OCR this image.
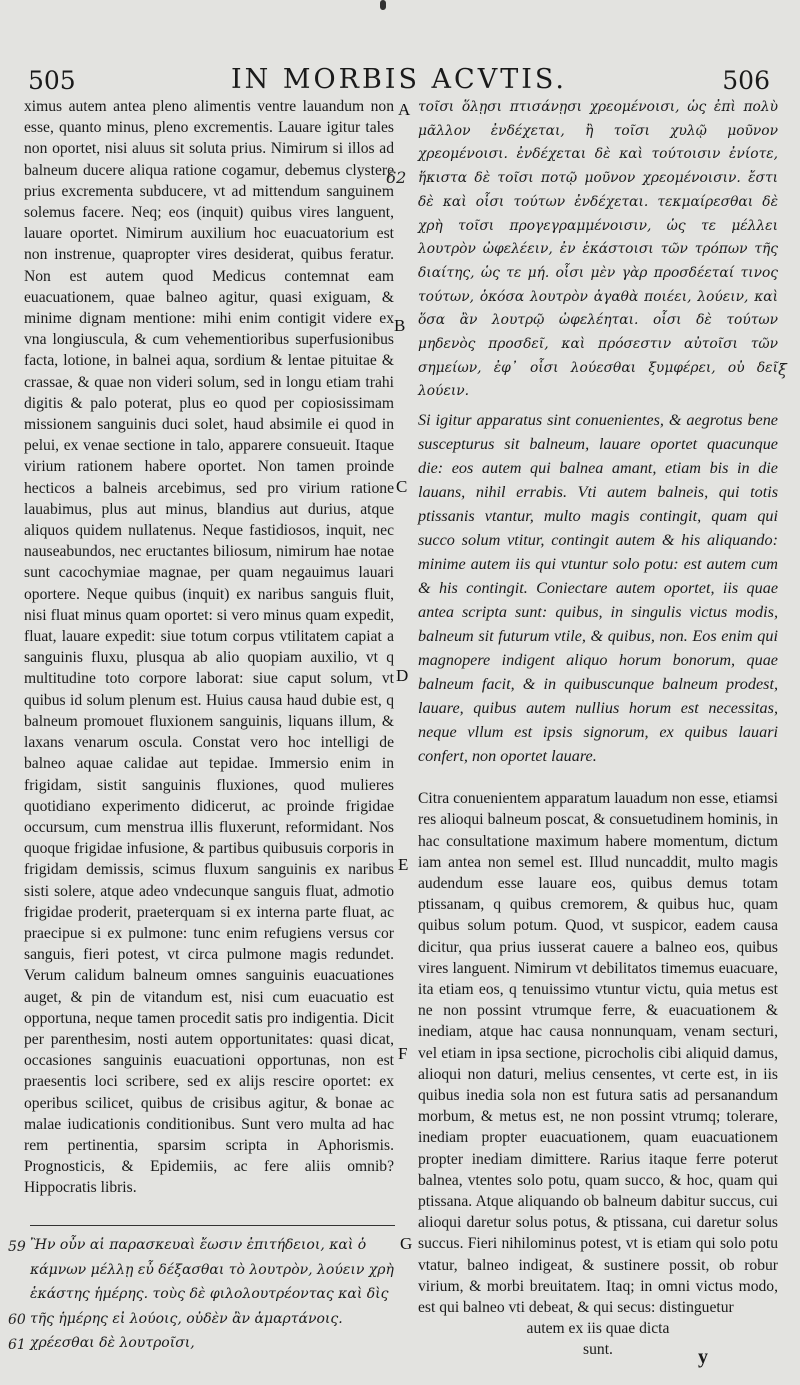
505	IN MORBIS ACVTIS.	506

ximus autem antea pleno alimentis ventre lauandum non esse, quanto minus, pleno excrementis. Lauare igitur tales non oportet, nisi aluus sit soluta prius. Nimirum si illos ad balneum ducere aliqua ratione cogamur, debemus clystere prius excrementa subducere, vt ad mittendum sanguinem solemus facere. Neq; eos (inquit) quibus vires languent, lauare oportet. Nimirum auxilium hoc euacuatorium est non instrenue, quapropter vires desiderat, quibus feratur. Non est autem quod Medicus contemnat eam euacuationem, quae balneo agitur, quasi exiguam, & minime dignam mentione: mihi enim contigit videre ex vna longiuscula, & cum vehementioribus superfusionibus facta, lotione, in balnei aqua, sordium & lentae pituitae & crassae, & quae non videri solum, sed in longu etiam trahi digitis & palo poterat, plus eo quod per copiosissimam missionem sanguinis duci solet, haud absimile ei quod in pelui, ex venae sectione in talo, apparere consueuit. Itaque virium rationem habere oportet. Non tamen proinde hecticos a balneis arcebimus, sed pro virium ratione lauabimus, plus aut minus, blandius aut durius, atque aliquos quidem nullatenus. Neque fastidiosos, inquit, nec nauseabundos, nec eructantes biliosum, nimirum hae notae sunt cacochymiae magnae, per quam negauimus lauari oportere. Neque quibus (inquit) ex naribus sanguis fluit, nisi fluat minus quam oportet: si vero minus quam expedit, fluat, lauare expedit: siue totum corpus vtilitatem capiat a sanguinis fluxu, plusqua ab alio quopiam auxilio, vt q multitudine toto corpore laborat: siue caput solum, vt quibus id solum plenum est. Huius causa haud dubie est, q balneum promouet fluxionem sanguinis, liquans illum, & laxans venarum oscula. Constat vero hoc intelligi de balneo aquae calidae aut tepidae. Immersio enim in frigidam, sistit sanguinis fluxiones, quod mulieres quotidiano experimento didicerut, ac proinde frigidae occursum, cum menstrua illis fluxerunt, reformidant. Nos quoque frigidae infusione, & partibus quibusuis corporis in frigidam demissis, scimus fluxum sanguinis ex naribus sisti solere, atque adeo vndecunque sanguis fluat, admotio frigidae proderit, praeterquam si ex interna parte fluat, ac praecipue si ex pulmone: tunc enim refugiens versus cor sanguis, fieri potest, vt circa pulmone magis redundet. Verum calidum balneum omnes sanguinis euacuationes auget, & pin de vitandum est, nisi cum euacuatio est opportuna, neque tamen procedit satis pro indigentia. Dicit per parenthesim, nosti autem opportunitates: quasi dicat, occasiones sanguinis euacuationi opportunas, non est praesentis loci scribere, sed ex alijs rescire oportet: ex operibus scilicet, quibus de crisibus agitur, & bonae ac malae iudicationis conditionibus. Sunt vero multa ad hac rem pertinentia, sparsim scripta in Aphorismis. Prognosticis, & Epidemiis, ac fere aliis omnib? Hippocratis libris.

τοῖσι ὅλῃσι πτισάνῃσι χρεομένοισι, ὡς ἐπὶ πολὺ μᾶλλον ἐνδέχεται, ἢ τοῖσι χυλῷ μοῦνον χρεομένοισι. ἐνδέχεται δὲ καὶ τούτοισιν ἐνίοτε, ἥκιστα δὲ τοῖσι ποτῷ μοῦνον χρεομένοισιν. ἔστι δὲ καὶ οἷσι τούτων ἐνδέχεται. τεκμαίρεσθαι δὲ χρὴ τοῖσι προγεγραμμένοισιν, ὡς τε μέλλει λουτρὸν ὠφελέειν, ἐν ἑκάστοισι τῶν τρόπων τῆς διαίτης, ὡς τε μή. οἷσι μὲν γὰρ προσδέεταί τινος τούτων, ὁκόσα λουτρὸν ἀγαθὰ ποιέει, λούειν, καὶ ὅσα ἂν λουτρῷ ὠφελέηται. οἷσι δὲ τούτων μηδενὸς προσδεῖ, καὶ πρόσεστιν αὐτοῖσι τῶν σημείων, ἐφ᾽ οἷσι λούεσθαι ξυμφέρει, οὐ δεῖ λούειν.

Si igitur apparatus sint conuenientes, & aegrotus bene suscepturus sit balneum, lauare oportet quacunque die: eos autem qui balnea amant, etiam bis in die lauans, nihil errabis. Vti autem balneis, qui totis ptissanis vtantur, multo magis contingit, quam qui succo solum vtitur, contingit autem & his aliquando: minime autem iis qui vtuntur solo potu: est autem cum & his contingit. Coniectare autem oportet, iis quae antea scripta sunt: quibus, in singulis victus modis, balneum sit futurum vtile, & quibus, non. Eos enim qui magnopere indigent aliquo horum bonorum, quae balneum facit, & in quibuscunque balneum prodest, lauare, quibus autem nullius horum est necessitas, neque vllum est ipsis signorum, ex quibus lauari confert, non oportet lauare.

Citra conuenientem apparatum lauadum non esse, etiamsi res alioqui balneum poscat, & consuetudinem hominis, in hac consultatione maximum habere momentum, dictum iam antea non semel est. Illud nuncaddit, multo magis audendum esse lauare eos, quibus demus totam ptissanam, q quibus cremorem, & quibus huc, quam quibus solum potum. Quod, vt suspicor, eadem causa dicitur, qua prius iusserat cauere a balneo eos, quibus vires languent. Nimirum vt debilitatos timemus euacuare, ita etiam eos, q tenuissimo vtuntur victu, quia metus est ne non possint vtrumque ferre, & euacuationem & inediam, atque hac causa nonnunquam, venam secturi, vel etiam in ipsa sectione, picrocholis cibi aliquid damus, alioqui non daturi, melius censentes, vt certe est, in iis quibus inedia sola non est futura satis ad persanandum morbum, & metus est, ne non possint vtrumq; tolerare, inediam propter euacuationem, quam euacuationem propter inediam dimittere. Rarius itaque ferre poterut balnea, vtentes solo potu, quam succo, & hoc, quam qui ptissana. Atque aliquando ob balneum dabitur succus, cui alioqui daretur solus potus, & ptissana, cui daretur solus succus. Fieri nihilominus potest, vt is etiam qui solo potu vtatur, balneo indigeat, & sustinere possit, ob robur virium, & morbi breuitatem. Itaq; in omni victus modo, est qui balneo vti debeat, & qui secus: distinguetur

autem ex iis quae dicta

sunt.

Ἢν οὖν αἱ παρασκευαὶ ἔωσιν ἐπιτήδειοι, καὶ ὁ κάμνων μέλλῃ εὖ δέξασθαι τὸ λουτρὸν, λούειν χρὴ ἑκάστης ἡμέρης. τοὺς δὲ φιλολουτρέοντας καὶ δὶς τῆς ἡμέρης εἰ λούοις, οὐδὲν ἂν ἁμαρτάνοις. χρέεσθαι δὲ λουτροῖσι,
A
B
C
D
E
F
G
62
59
60
61
ξ
y
